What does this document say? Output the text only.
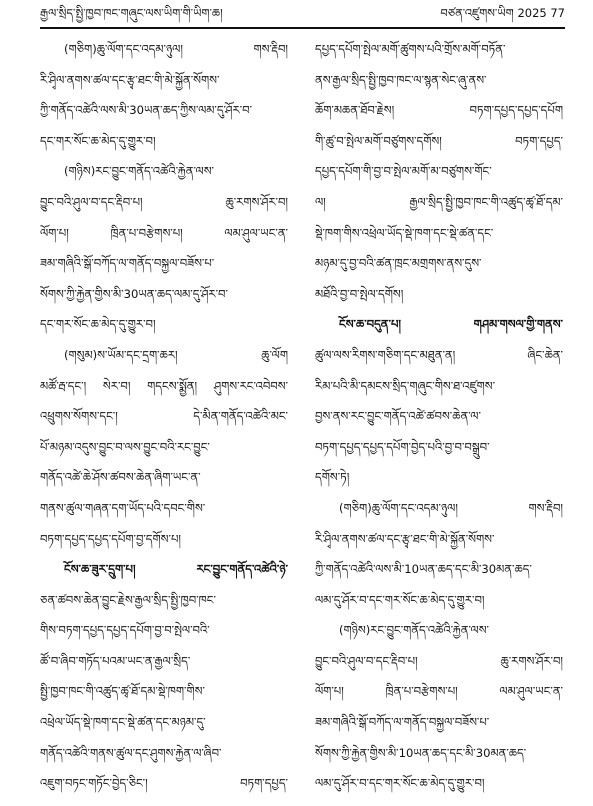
རྒྱལ་སྲིད་སྤྱི་ཁྱབ་ཁང་གཞུང་ལས་ཡིག་གི་ཡིག་ཆ།	བཙན་འཛུགས་ཡིག 2025 77
(གཅིག)ཆུ་ལོག་དང་འདམ་ཉུལ། གས་རྡིབ།
རི་ཤྭིལ་ནགས་ཚལ་དང་རྩྭ་ཐང་གི་མེ་སྐྱོན་སོགས་
ཀྱི་གནོད་འཚེའི་ལས་མི་30ཡན་ཆད་ཀྱིས་ལམ་དུ་ཤོར་བ་
དང་གར་སོང་ཆ་མེད་དུ་གྱུར་བ།
(གཉིས)རང་བྱུང་གནོད་འཚེའི་རྐྱེན་ལས་
བྱུང་བའི་ཤུལ་བ་དང་རྡིབ་པ། ཆུ་རགས་ཤོར་བ།
ལོག་པ། ཁྲིན་པ་བརྩེགས་པ། ལམ་ཤུལ་ཡང་ན་
ཟམ་གཞིའི་སྒོ་བཀོད་ལ་གནོད་བསྐྱལ་བཟོས་པ་
སོགས་ཀྱི་རྐྱེན་གྱིས་མི་30ཡན་ཆད་ལམ་དུ་ཤོར་བ་
དང་གར་སོང་ཆ་མེད་དུ་གྱུར་བ།
(གསུམ)ས་ཡོམ་དང་དྲག་ཆར། ཆུ་ལོག
མཚོ་རྦ་དང་། སེར་བ། གདངས་སྨྱོན། ཤུགས་རང་འབེབས་
འཕྲུགས་སོགས་དང་། དེ་མིན་གནོད་འཚེའི་མང་
པོ་མཉམ་འདུས་བྱུང་བ་ལས་བྱུང་བའི་རང་བྱུང་
གནོད་འཚེ་ཆེ་ཤོས་ཚབས་ཆེན་ཞིག་ཡང་ན་
གནས་ཚུལ་གཞན་དག་ཡོད་པའི་དབང་གིས་
བཏག་དཔྱད་དཔྱད་དཔོག་བྱ་དགོས་པ།
ངོས་ཆ་ཟུར་དྲུག་པ། རང་བྱུང་གནོད་འཚེའི་ཉེ་
ཅན་ཚབས་ཆེན་བྱུང་རྗེས་རྒྱལ་སྲིད་སྤྱི་ཁྱབ་ཁང་
གིས་བཏག་དཔྱད་དཔྱད་དཔོག་བྱ་བ་སྤེལ་བའི་
ཚོ་བ་ཞིབ་གཏོད་པའམ་ཡང་ན་རྒྱལ་སྲིད་
སྤྱི་ཁྱབ་ཁང་གི་འཚུད་ཚྭ་ཐོ་དམ་སྡེ་ཁག་གིས་
འཕྲེལ་ཡོད་སྡེ་ཁག་དང་སྡེ་ཚན་དང་མཉམ་དུ་
གནོད་འཚེའི་གནས་ཚུལ་དང་ཤུགས་རྐྱེན་ལ་ཞིབ་
འཇུག་བཏང་གཏོང་བྱེད་ཅིང་། བཏག་དཔྱད་
དཔྱད་དཔོག་སྤེལ་མགོ་ཚུགས་པའི་གྲོས་མགོ་བཏོན་
ནས་རྒྱལ་སྲིད་སྤྱི་ཁྱབ་ཁང་ལ་སྙན་སེང་ཞུ་ནས་
ཆོག་མཆན་ཐོབ་རྗེས། བཏག་དཔྱད་དཔྱད་དཔོག
གི་ཚུ་བ་སྤེལ་མགོ་བཙུགས་དགོས། བཏག་དཔྱད་
དཔྱད་དཔོག་གི་བྱ་བ་སྤེལ་མགོ་མ་བཙུགས་གོང་
ལ། རྒྱལ་སྲིད་སྤྱི་ཁྱབ་ཁང་གི་འཚུད་ཚྭ་ཐོ་དམ་
སྡེ་ཁག་གིས་འཕྲེལ་ཡོད་སྡེ་ཁག་དང་སྡེ་ཚན་དང་
མཉམ་དུ་བྱ་བའི་ཚན་ཁྲང་མགྲགས་ནས་དུས་
མཐོའི་བྱ་བ་སྤེལ་དགོས།
ངོས་ཆ་བདུན་པ། གཤམ་གསལ་གྱི་གནས་
ཚུལ་ལས་རིགས་གཅིག་དང་མཐུན་ན། ཞིང་ཆེན་
རིམ་པའི་མི་དམངས་སྲིད་གཞུང་གིས་ཐ་འཛུགས་
བྱས་ནས་རང་བྱུང་གནོད་འཚེ་ཚབས་ཆེན་ལ་
བཏག་དཔྱད་དཔྱད་དཔོག་བྱེད་པའི་བྱ་བ་བསྒྲུབ་
དགོས་ཏེ།
(གཅིག)ཆུ་ལོག་དང་འདམ་ཉུལ། གས་རྡིབ།
རི་ཤྭིལ་ནགས་ཚལ་དང་རྩྭ་ཐང་གི་མེ་སྐྱོན་སོགས་
ཀྱི་གནོད་འཚེའི་ལས་མི་10ཡན་ཆད་དང་མི་30མན་ཆད་
ལམ་དུ་ཤོར་བ་དང་གར་སོང་ཆ་མེད་དུ་གྱུར་བ།
(གཉིས)རང་བྱུང་གནོད་འཚེའི་རྐྱེན་ལས་
བྱུང་བའི་ཤུལ་བ་དང་རྡིབ་པ། ཆུ་རགས་ཤོར་བ།
ལོག་པ། ཁྲིན་པ་བརྩེགས་པ། ལམ་ཤུལ་ཡང་ན་
ཟམ་གཞིའི་སྒོ་བཀོད་ལ་གནོད་བསྐྱལ་བཟོས་པ་
སོགས་ཀྱི་རྐྱེན་གྱིས་མི་10ཡན་ཆད་དང་མི་30མན་ཆད་
ལམ་དུ་ཤོར་བ་དང་གར་སོང་ཆ་མེད་དུ་གྱུར་བ།
